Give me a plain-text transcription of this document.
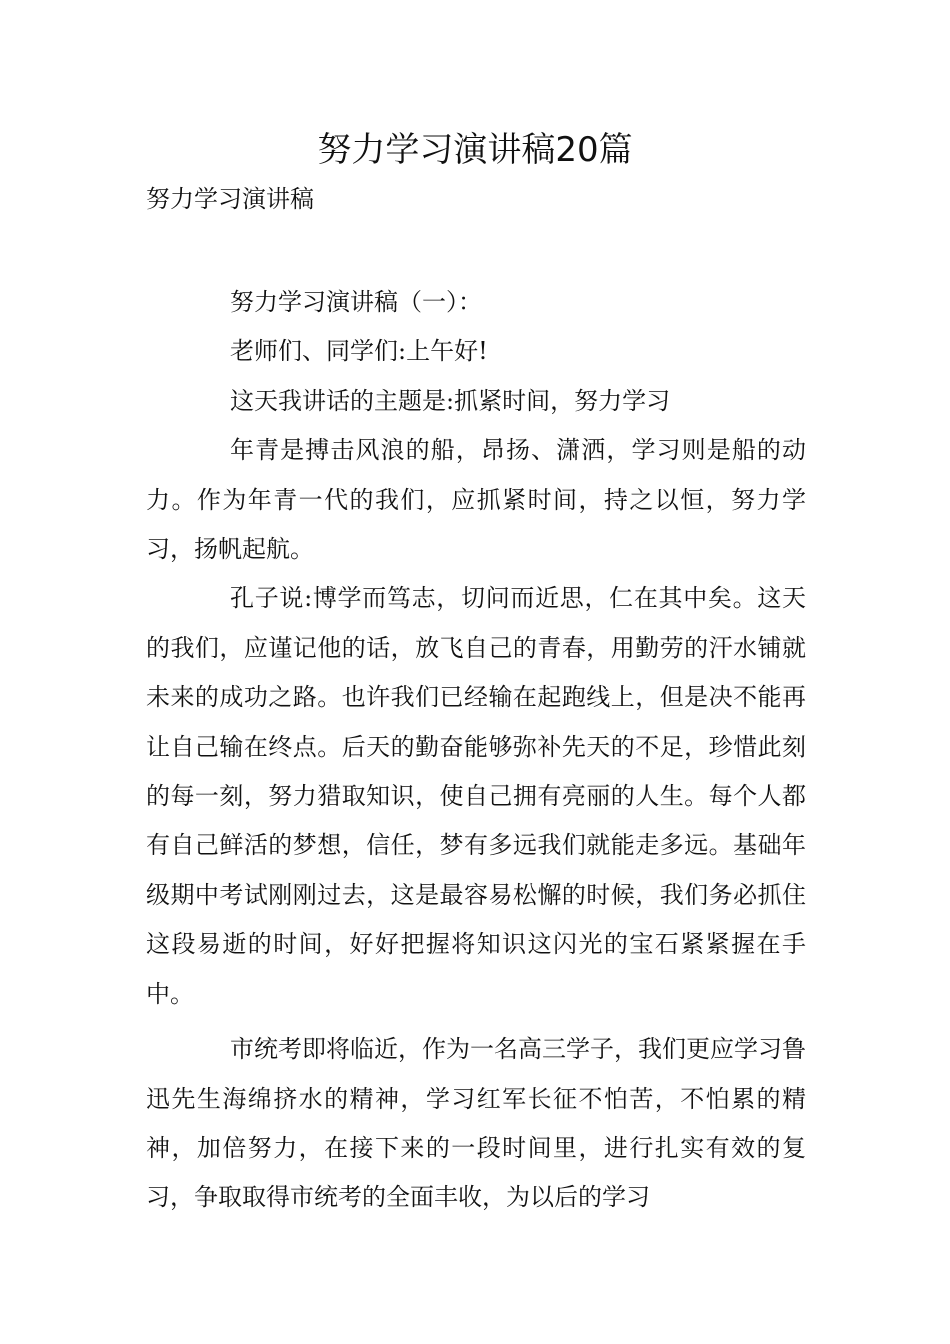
努力学习演讲稿20篇
努力学习演讲稿

努力学习演讲稿（一）：

老师们、同学们:上午好!

这天我讲话的主题是:抓紧时间，努力学习

年青是搏击风浪的船，昂扬、潇洒，学习则是船的动力。作为年青一代的我们，应抓紧时间，持之以恒，努力学习，扬帆起航。

孔子说:博学而笃志，切问而近思，仁在其中矣。这天的我们，应谨记他的话，放飞自己的青春，用勤劳的汗水铺就未来的成功之路。也许我们已经输在起跑线上，但是决不能再让自己输在终点。后天的勤奋能够弥补先天的不足，珍惜此刻的每一刻，努力猎取知识，使自己拥有亮丽的人生。每个人都有自己鲜活的梦想，信任，梦有多远我们就能走多远。基础年级期中考试刚刚过去，这是最容易松懈的时候，我们务必抓住这段易逝的时间，好好把握将知识这闪光的宝石紧紧握在手中。

市统考即将临近，作为一名高三学子，我们更应学习鲁迅先生海绵挤水的精神，学习红军长征不怕苦，不怕累的精神，加倍努力，在接下来的一段时间里，进行扎实有效的复习，争取取得市统考的全面丰收，为以后的学习
